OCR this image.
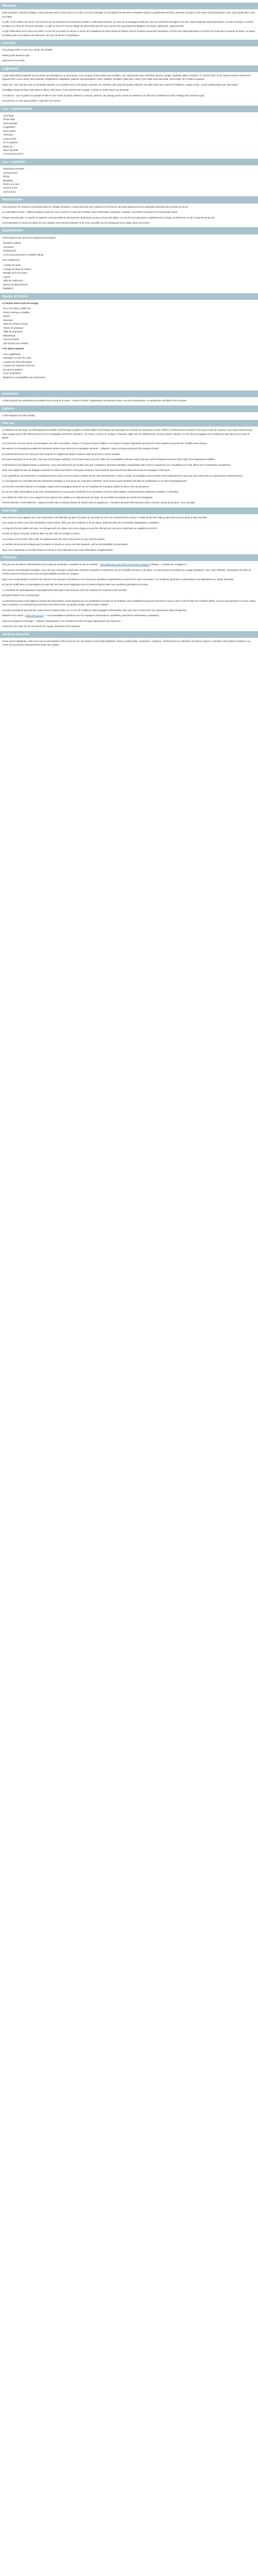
Situation

Cette propriété, contruite à Bolgers, sera proposée sous ce titre aussi car ce gîte se trouve voisinage de la propriété de Monsieur et Madame Dupont, propriétaires des lieux, présents sur place, et du centre du petit bourg de Loué, d'une petite place avec son église.

Le gîte, d'une surface de 120 m², se trouve au rez-de-chaussée d'une ancienne longère, entièrement rénovée, au cœur de la campagne sarthoise, près de la forêt de Perseigne et du parc naturel régional Normandie-Maine, à 10 km d'Alençon, à 50 km du Mans et à 1h45 de Paris par autoroute. Le gîte se trouve à 5 km du village de Saint-Rémy-du-Val, tous commerces à proximité (boulangerie, boucherie, pharmacie, supermarché).

Le gîte Saint-Rémy est à 100 m du GR22, à 2 km du circuit des 24 Heures, à 15 km de la Basilique de Notre-Dame de l'Épine à Évron (classée monument historique), à 30 km des Alpes Mancelles et à 45 km du circuit des 24 Heures du Mans. La région est idéale pour les amateurs de randonnée, de vélo, de pêche et d'équitation.

Les plus

Une grange privée et une cour, Jardin clos privatif.

Parking privé devant le gîte.

Hôtel réservé en 2018.

Logement

Le gîte Saint-Rémy (capacité 6 personnes) est aménagé sur un seul niveau. Il se compose d'une entrée avec vestiaire, d'un séjour/salon avec cheminée (insert), canapé, fauteuils, table et chaises, TV, lecteur DVD, d'une cuisine ouverte entièrement équipée (four, micro-ondes, lave-vaisselle, réfrigérateur-congélateur, plaques vitrocéramiques, hotte, cafetière, bouilloire, grille-pain, robot), d'un cellier avec lave-linge, sèche-linge, fer et table à repasser.

Partie nuit : une chambre avec un lit double 160x200, une chambre avec un lit double 140x190, une chambre avec deux lits simples 90x190, une salle d'eau avec douche à l'italienne, vasque et WC, un WC indépendant avec lave-mains.

Chauffage central au fioul, insert dans le séjour. Bois fourni. Accès internet Wi-Fi gratuit. Lit bébé et chaise haute sur demande.

À l'extérieur : cour et jardin clos privatif de 500 m² avec salon de jardin, barbecue, transats, parasol. Une grange privée permet de stationner un véhicule et d'abriter les vélos. Parking privé devant le gîte.

Les animaux ne sont pas acceptés. Logement non-fumeur.

Les + équipements
Lave-linge
Sèche-linge
Lave-vaisselle
Congélateur
Micro-ondes
Télévision
Lecteur DVD
Fer à repasser
Barbecue
Salon de jardin
Accès internet Wi-Fi
Les + activités
Randonnée pédestre
Cyclotourisme
Pêche
Équitation
Piscine à 10 km
Tennis à 5 km
Golf à 25 km
Restauration

Vous trouverez de nombreux restaurants dans les villages alentours, à Saint-Rémy-du-Val, à Mamers et à Alençon, ainsi que plusieurs fermes-auberges proposant des produits du terroir.

Les spécialités locales : rillettes du Mans, poulet de Loué, pommes et cidre de la Sarthe, poiré Domfrontais, pommeau, calvados, camembert et livarot de la Normandie voisine.

Chaque samedi matin, le marché de Mamers vous permettra de découvrir les producteurs locaux et leurs spécialités. Un marché de producteurs a également lieu chaque vendredi soir en été à Saint-Rémy-du-Val.

Les propriétaires se feront un plaisir de vous indiquer leurs bonnes adresses et de vous conseiller sur les restaurants de la région selon vos envies.

Équipements

L'hôtel dispose des services et équipements suivants :

Réception 24h/24
Ascenseur
Parking privé
Accès pour personnes à mobilité réduite

Avec supplément :

Location de vélos
Location de linge de maison
Ménage de fin de séjour
Laverie
Salle de conférence
Service de blanchisserie
Bagagerie
Sports et loisirs

● Compris dans le prix du voyage

Pour vos loisirs, profitez de :
Piscine intérieure chauffée
Sauna
Hammam
Salle de remise en forme
Terrain de pétanque
Table de ping-pong
Bibliothèque
Jeux de société
Aire de jeux pour enfants

● En option payante

Avec supplément :
Massages et soins du corps
Location de vélos électriques
Location de raquettes de tennis
Excursions guidées
Cours d'équitation
Baptême en montgolfière (sur réservation)
Animation

L'hôtel propose des animations ponctuelles tout au long de la saison : soirées à thème, dégustations de produits locaux, concerts et spectacles. Le programme est affiché à la réception.

Enfants

L'hôtel dispose d'un club enfants.

Info vol

Le Ministère de l'Écologie, du Développement durable et de l'Énergie a publié un arrêté relatif à l'information des passagers sur l'identité du transporteur aérien effectif. Conformément à l'article R.211-15 du Code du tourisme, nous vous informons que votre voyage pourra être effectué par l'une des compagnies aériennes suivantes : Air France, Corsair, XL Airways, Transavia, Aigle Azur, Air Méditerranée, Europe Airpost, easyJet. Le nom de la compagnie sera confirmé au plus tard 8 jours avant le départ.

Les heures de vol vous seront communiquées sur votre convocation, environ 7 à 10 jours avant le départ. Les horaires et types d'appareils sont donnés à titre indicatif et peuvent être modifiés sans préavis.

Par ailleurs, les prestations pendant les transports aériens sont celles de la compagnie aérienne : collations, repas ou boissons peuvent être payants à bord.

Un préacheminement vers Paris peut être proposé en supplément depuis certaines villes de province. Nous consulter.

Des taxes d'aéroport et de sécurité, ainsi que la surcharge carburant, sont incluses dans nos prix. Elles sont susceptibles d'évoluer jusqu'à 30 jours avant le départ et pourront faire l'objet d'un réajustement tarifaire.

Conformément à la réglementation européenne, nous vous informons que la liste noire des compagnies aériennes interdites d'exploitation dans l'Union européenne est consultable sur le site officiel de la Commission européenne.

Nous vous rappelons que les bagages autorisés en soute sont limités à 20 kg par personne. Tout excédent vous sera facturé directement par la compagnie à l'aéroport.

Il est impératif de vous présenter à l'enregistrement au moins 2 heures avant le départ sur les vols internationaux. Passé ce délai, la compagnie pourra refuser votre embarquement sans que cela ouvre droit à un quelconque remboursement.

Le nom figurant sur votre billet doit être strictement identique à celui inscrit sur votre pièce d'identité. Toute erreur pourra entraîner des frais de modification ou un refus d'embarquement.

Les femmes enceintes doivent se renseigner auprès de la compagnie aérienne sur les conditions de transport à partir du 6ème mois de grossesse.

En cas de retard, d'annulation ou de refus d'embarquement, vous pouvez bénéficier d'une assistance et d'une indemnisation conformément au règlement européen n°261/2004.

Les enfants de moins de 2 ans voyagent sur les genoux d'un adulte et ne disposent pas de siège. Un seul bébé est autorisé par adulte accompagnant.

COVOITURAGE / CONTINENTAL : départ de Paris Orly ou Roissy Charles de Gaulle selon le programme. Transferts aéroport-hôtel-aéroport inclus. Pour les clients de province, nous consulter.

Pour info

Nous tenons à vous rappeler que votre réservation n'est définitive qu'après réception de l'acompte de 30 % du montant total du séjour, le solde devant être réglé au plus tard 30 jours avant la date d'arrivée.

Une caution de 300 € vous sera demandée à votre arrivée. Elle vous sera restituée en fin de séjour, déduction faite des éventuelles dégradations constatées.

Le linge de lit et de toilette est fourni. Le ménage de fin de séjour est à votre charge ou peut être effectué par nos soins moyennant un supplément de 60 €.

La taxe de séjour n'est pas comprise dans nos prix. Elle est à régler sur place.

Les arrivées se font entre 16h et 19h, les départs avant 10h. Merci de prévenir en cas d'arrivée tardive.

Le nombre de personnes indiqué pour la location ne pourra en aucun cas être dépassé, sauf accord préalable du propriétaire.

Nous vous souhaitons un excellent séjour et restons à votre disposition pour toute information complémentaire.

Attention

Pour plus de sécurité et d'informations sur les pays de destination, consultez le site du ministère : www.diplomatie.gouv.fr/fr/conseils-aux-voyageurs rubrique « Conseils aux voyageurs ».

Pour tous les ressortissants étrangers, merci de vous renseigner auprès des autorités consulaires compétentes sur les formalités d'entrée et de séjour. Les documents nécessaires au voyage (passeport, visa, carte d'identité, autorisation de sortie du territoire pour les mineurs) sont sous la responsabilité exclusive du voyageur.

Nous vous recommandons vivement de souscrire une assurance annulation et une assurance assistance-rapatriement au moment de votre réservation. Les conditions générales et particulières sont disponibles sur simple demande.

En cas de modification ou d'annulation de votre fait, des frais seront appliqués selon le barème figurant dans nos conditions particulières de vente.

* L'ensemble des photographies et descriptifs présentés dans cette brochure sont non contractuels et donnés à titre indicatif.

INFORMATIONS AUX VOYAGEURS :

Le présent document a été établi sur la base des informations communiquées par nos prestataires à la date de sa rédaction. Des modifications peuvent intervenir et vous en serez informé dans les meilleurs délais. Les prix sont exprimés en euros, toutes taxes comprises, et s'entendent par personne sur la base d'une occupation double, sauf mention contraire.

Certaines prestations peuvent être suspendues en basse saison ou en cas de conditions météorologiques défavorables sans que cela ne donne lieu à un quelconque dédommagement.

Ministère de la Santé : www.sante.gouv.fr — recommandations sanitaires pour les voyageurs (vaccinations conseillées, précautions alimentaires, paludisme).

Numéros d'urgence à l'étranger : contactez l'ambassade ou le consulat de France du pays dans lequel vous séjournez.

Conservez une copie de vos documents de voyage séparément des originaux.

Santé et Sécurité

Aucun vaccin obligatoire, mais nous vous recommandons d'être à jour de vos vaccinations universelles (diphtérie, tétanos, poliomyélite, coqueluche, rougeole), conformément au calendrier vaccinal en vigueur. Consultez votre médecin traitant ou un centre de vaccinations internationales avant votre départ.
